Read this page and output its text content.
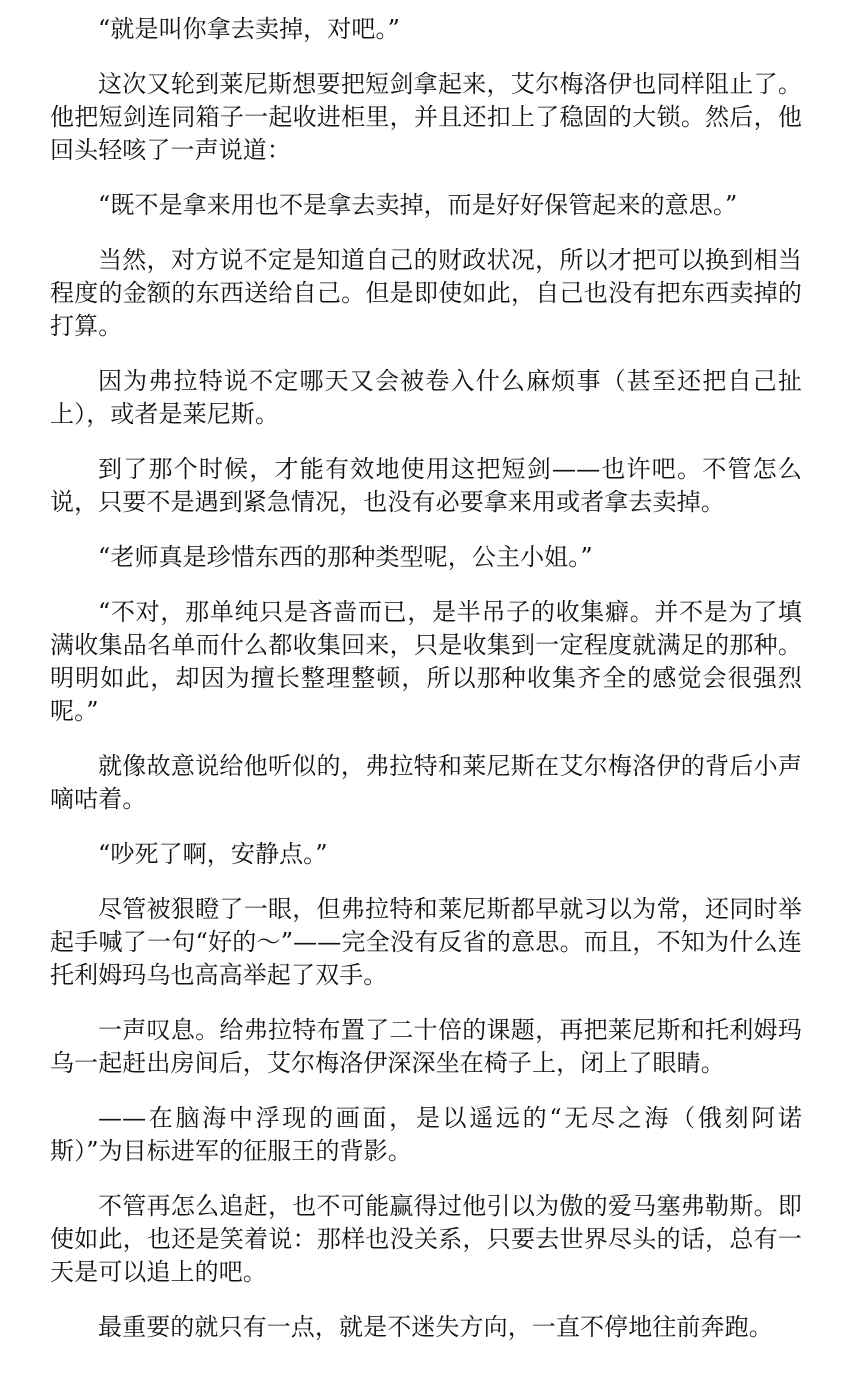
“就是叫你拿去卖掉，对吧。”

这次又轮到莱尼斯想要把短剑拿起来，艾尔梅洛伊也同样阻止了。他把短剑连同箱子一起收进柜里，并且还扣上了稳固的大锁。然后，他回头轻咳了一声说道：

“既不是拿来用也不是拿去卖掉，而是好好保管起来的意思。”

当然，对方说不定是知道自己的财政状况，所以才把可以换到相当程度的金额的东西送给自己。但是即使如此，自己也没有把东西卖掉的打算。

因为弗拉特说不定哪天又会被卷入什么麻烦事（甚至还把自己扯上），或者是莱尼斯。

到了那个时候，才能有效地使用这把短剑——也许吧。不管怎么说，只要不是遇到紧急情况，也没有必要拿来用或者拿去卖掉。

“老师真是珍惜东西的那种类型呢，公主小姐。”

“不对，那单纯只是吝啬而已，是半吊子的收集癖。并不是为了填满收集品名单而什么都收集回来，只是收集到一定程度就满足的那种。明明如此，却因为擅长整理整顿，所以那种收集齐全的感觉会很强烈呢。”

就像故意说给他听似的，弗拉特和莱尼斯在艾尔梅洛伊的背后小声嘀咕着。

“吵死了啊，安静点。”

尽管被狠瞪了一眼，但弗拉特和莱尼斯都早就习以为常，还同时举起手喊了一句“好的～”——完全没有反省的意思。而且，不知为什么连托利姆玛乌也高高举起了双手。

一声叹息。给弗拉特布置了二十倍的课题，再把莱尼斯和托利姆玛乌一起赶出房间后，艾尔梅洛伊深深坐在椅子上，闭上了眼睛。

——在脑海中浮现的画面，是以遥远的“无尽之海（俄刻阿诺斯）”为目标进军的征服王的背影。

不管再怎么追赶，也不可能赢得过他引以为傲的爱马塞弗勒斯。即使如此，也还是笑着说：那样也没关系，只要去世界尽头的话，总有一天是可以追上的吧。

最重要的就只有一点，就是不迷失方向，一直不停地往前奔跑。
